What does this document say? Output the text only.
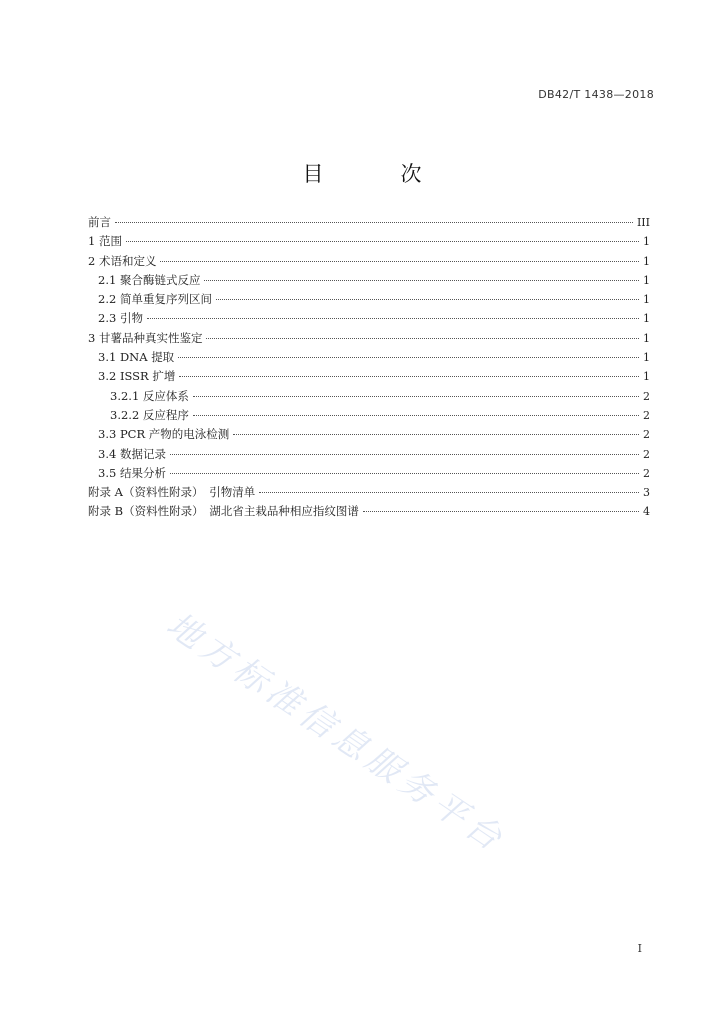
DB42/T 1438—2018
目　次
前言	III
1 范围	1
2 术语和定义	1
2.1 聚合酶链式反应	1
2.2 简单重复序列区间	1
2.3 引物	1
3 甘薯品种真实性鉴定	1
3.1 DNA 提取	1
3.2 ISSR 扩增	1
3.2.1 反应体系	2
3.2.2 反应程序	2
3.3 PCR 产物的电泳检测	2
3.4 数据记录	2
3.5 结果分析	2
附录 A（资料性附录）　引物清单	3
附录 B（资料性附录）　湖北省主栽品种相应指纹图谱	4
地方标准信息服务平台
I
